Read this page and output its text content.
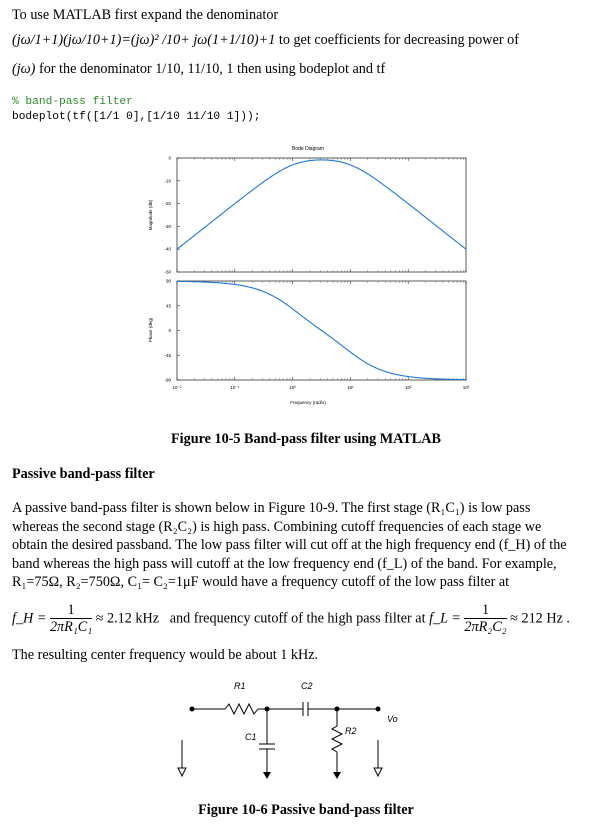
To use MATLAB first expand the denominator
(jω/1+1)(jω/10+1)=(jω)² /10+ jω(1+1/10)+1 to get coefficients for decreasing power of
(jω) for the denominator 1/10, 11/10, 1 then using bodeplot and tf
% band-pass filter
bodeplot(tf([1/1 0],[1/10 11/10 1]));
Bode Diagram
0
-10
-20
-30
-40
-50
90
45
0
-45
-90
10⁻²	10⁻¹	10⁰	10¹	10²	10³
Magnitude (dB)
Phase (deg)
Frequency (rad/s)
Figure 10-5 Band-pass filter using MATLAB
Passive band-pass filter
A passive band-pass filter is shown below in Figure 10-9. The first stage (R₁C₁) is low pass
whereas the second stage (R₂C₂) is high pass. Combining cutoff frequencies of each stage we
obtain the desired passband. The low pass filter will cut off at the high frequency end (f_H) of the
band whereas the high pass will cutoff at the low frequency end (f_L) of the band. For example,
R₁=75Ω, R₂=750Ω, C₁= C₂=1μF would have a frequency cutoff of the low pass filter at
f_H = $\frac{1}{\text{2πR₁C₁}} \approx 2.12$ kHz and frequency cutoff of the high pass filter at f_L = $\frac{1}{\text{2πR₂C₂}} \approx 212$ Hz .
The resulting center frequency would be about 1 kHz.
R1	C2
C1
R2
Vo
Figure 10-6 Passive band-pass filter
